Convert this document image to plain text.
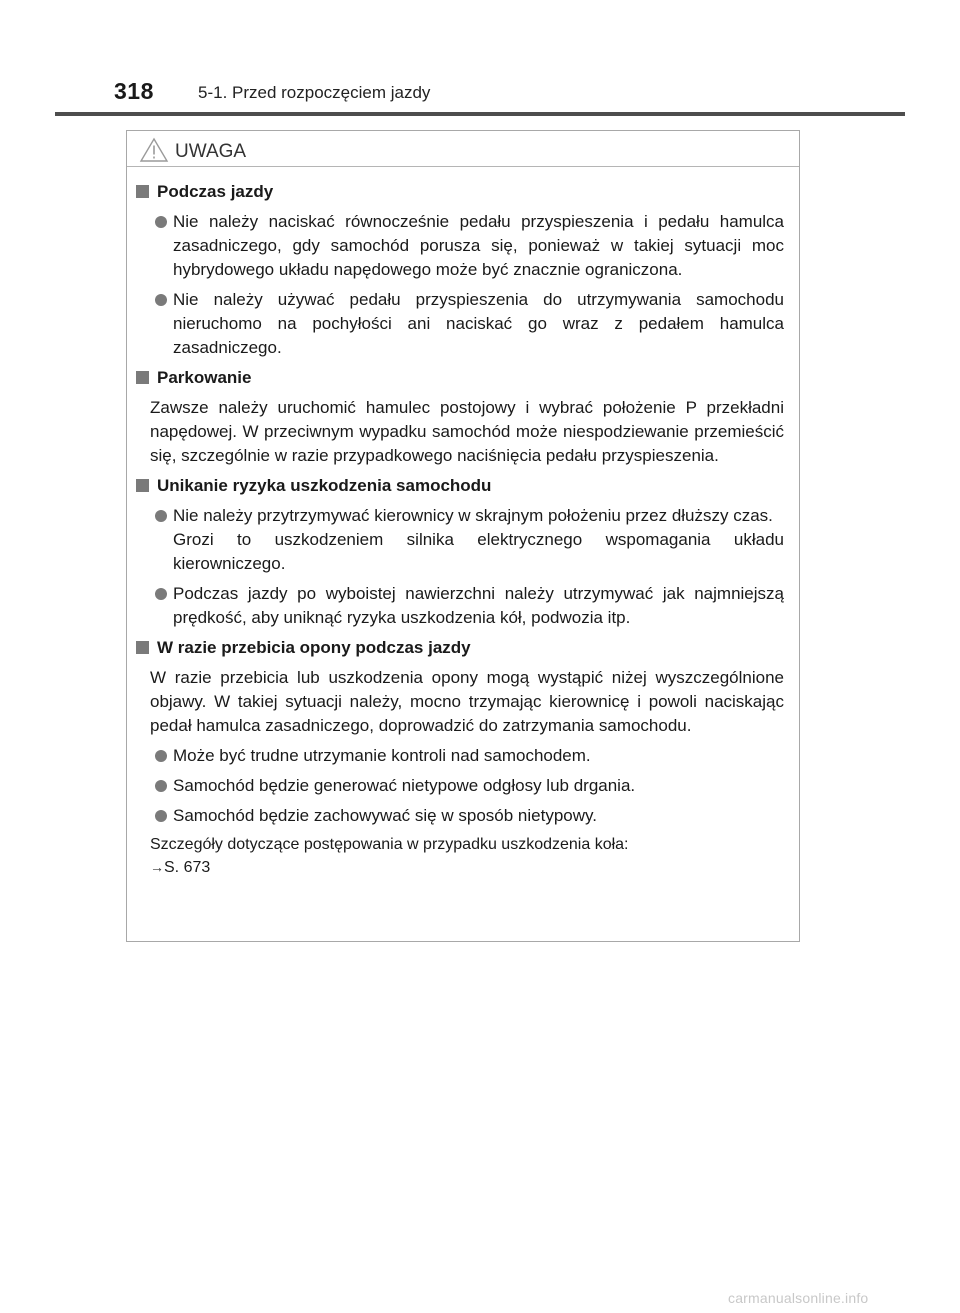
318	5-1. Przed rozpoczęciem jazdy
UWAGA
Podczas jazdy
Nie należy naciskać równocześnie pedału przyspieszenia i pedału hamulca zasadniczego, gdy samochód porusza się, ponieważ w takiej sytuacji moc hybrydowego układu napędowego może być znacznie ograniczona.
Nie należy używać pedału przyspieszenia do utrzymywania samochodu nieruchomo na pochyłości ani naciskać go wraz z pedałem hamulca zasadniczego.
Parkowanie
Zawsze należy uruchomić hamulec postojowy i wybrać położenie P przekładni napędowej. W przeciwnym wypadku samochód może niespodziewanie przemieścić się, szczególnie w razie przypadkowego naciśnięcia pedału przyspieszenia.
Unikanie ryzyka uszkodzenia samochodu
Nie należy przytrzymywać kierownicy w skrajnym położeniu przez dłuższy czas.
Grozi to uszkodzeniem silnika elektrycznego wspomagania układu kierowniczego.
Podczas jazdy po wyboistej nawierzchni należy utrzymywać jak najmniejszą prędkość, aby uniknąć ryzyka uszkodzenia kół, podwozia itp.
W razie przebicia opony podczas jazdy
W razie przebicia lub uszkodzenia opony mogą wystąpić niżej wyszczególnione objawy. W takiej sytuacji należy, mocno trzymając kierownicę i powoli naciskając pedał hamulca zasadniczego, doprowadzić do zatrzymania samochodu.
Może być trudne utrzymanie kontroli nad samochodem.
Samochód będzie generować nietypowe odgłosy lub drgania.
Samochód będzie zachowywać się w sposób nietypowy.
Szczegóły dotyczące postępowania w przypadku uszkodzenia koła:
→S. 673
carmanualsonline.info
